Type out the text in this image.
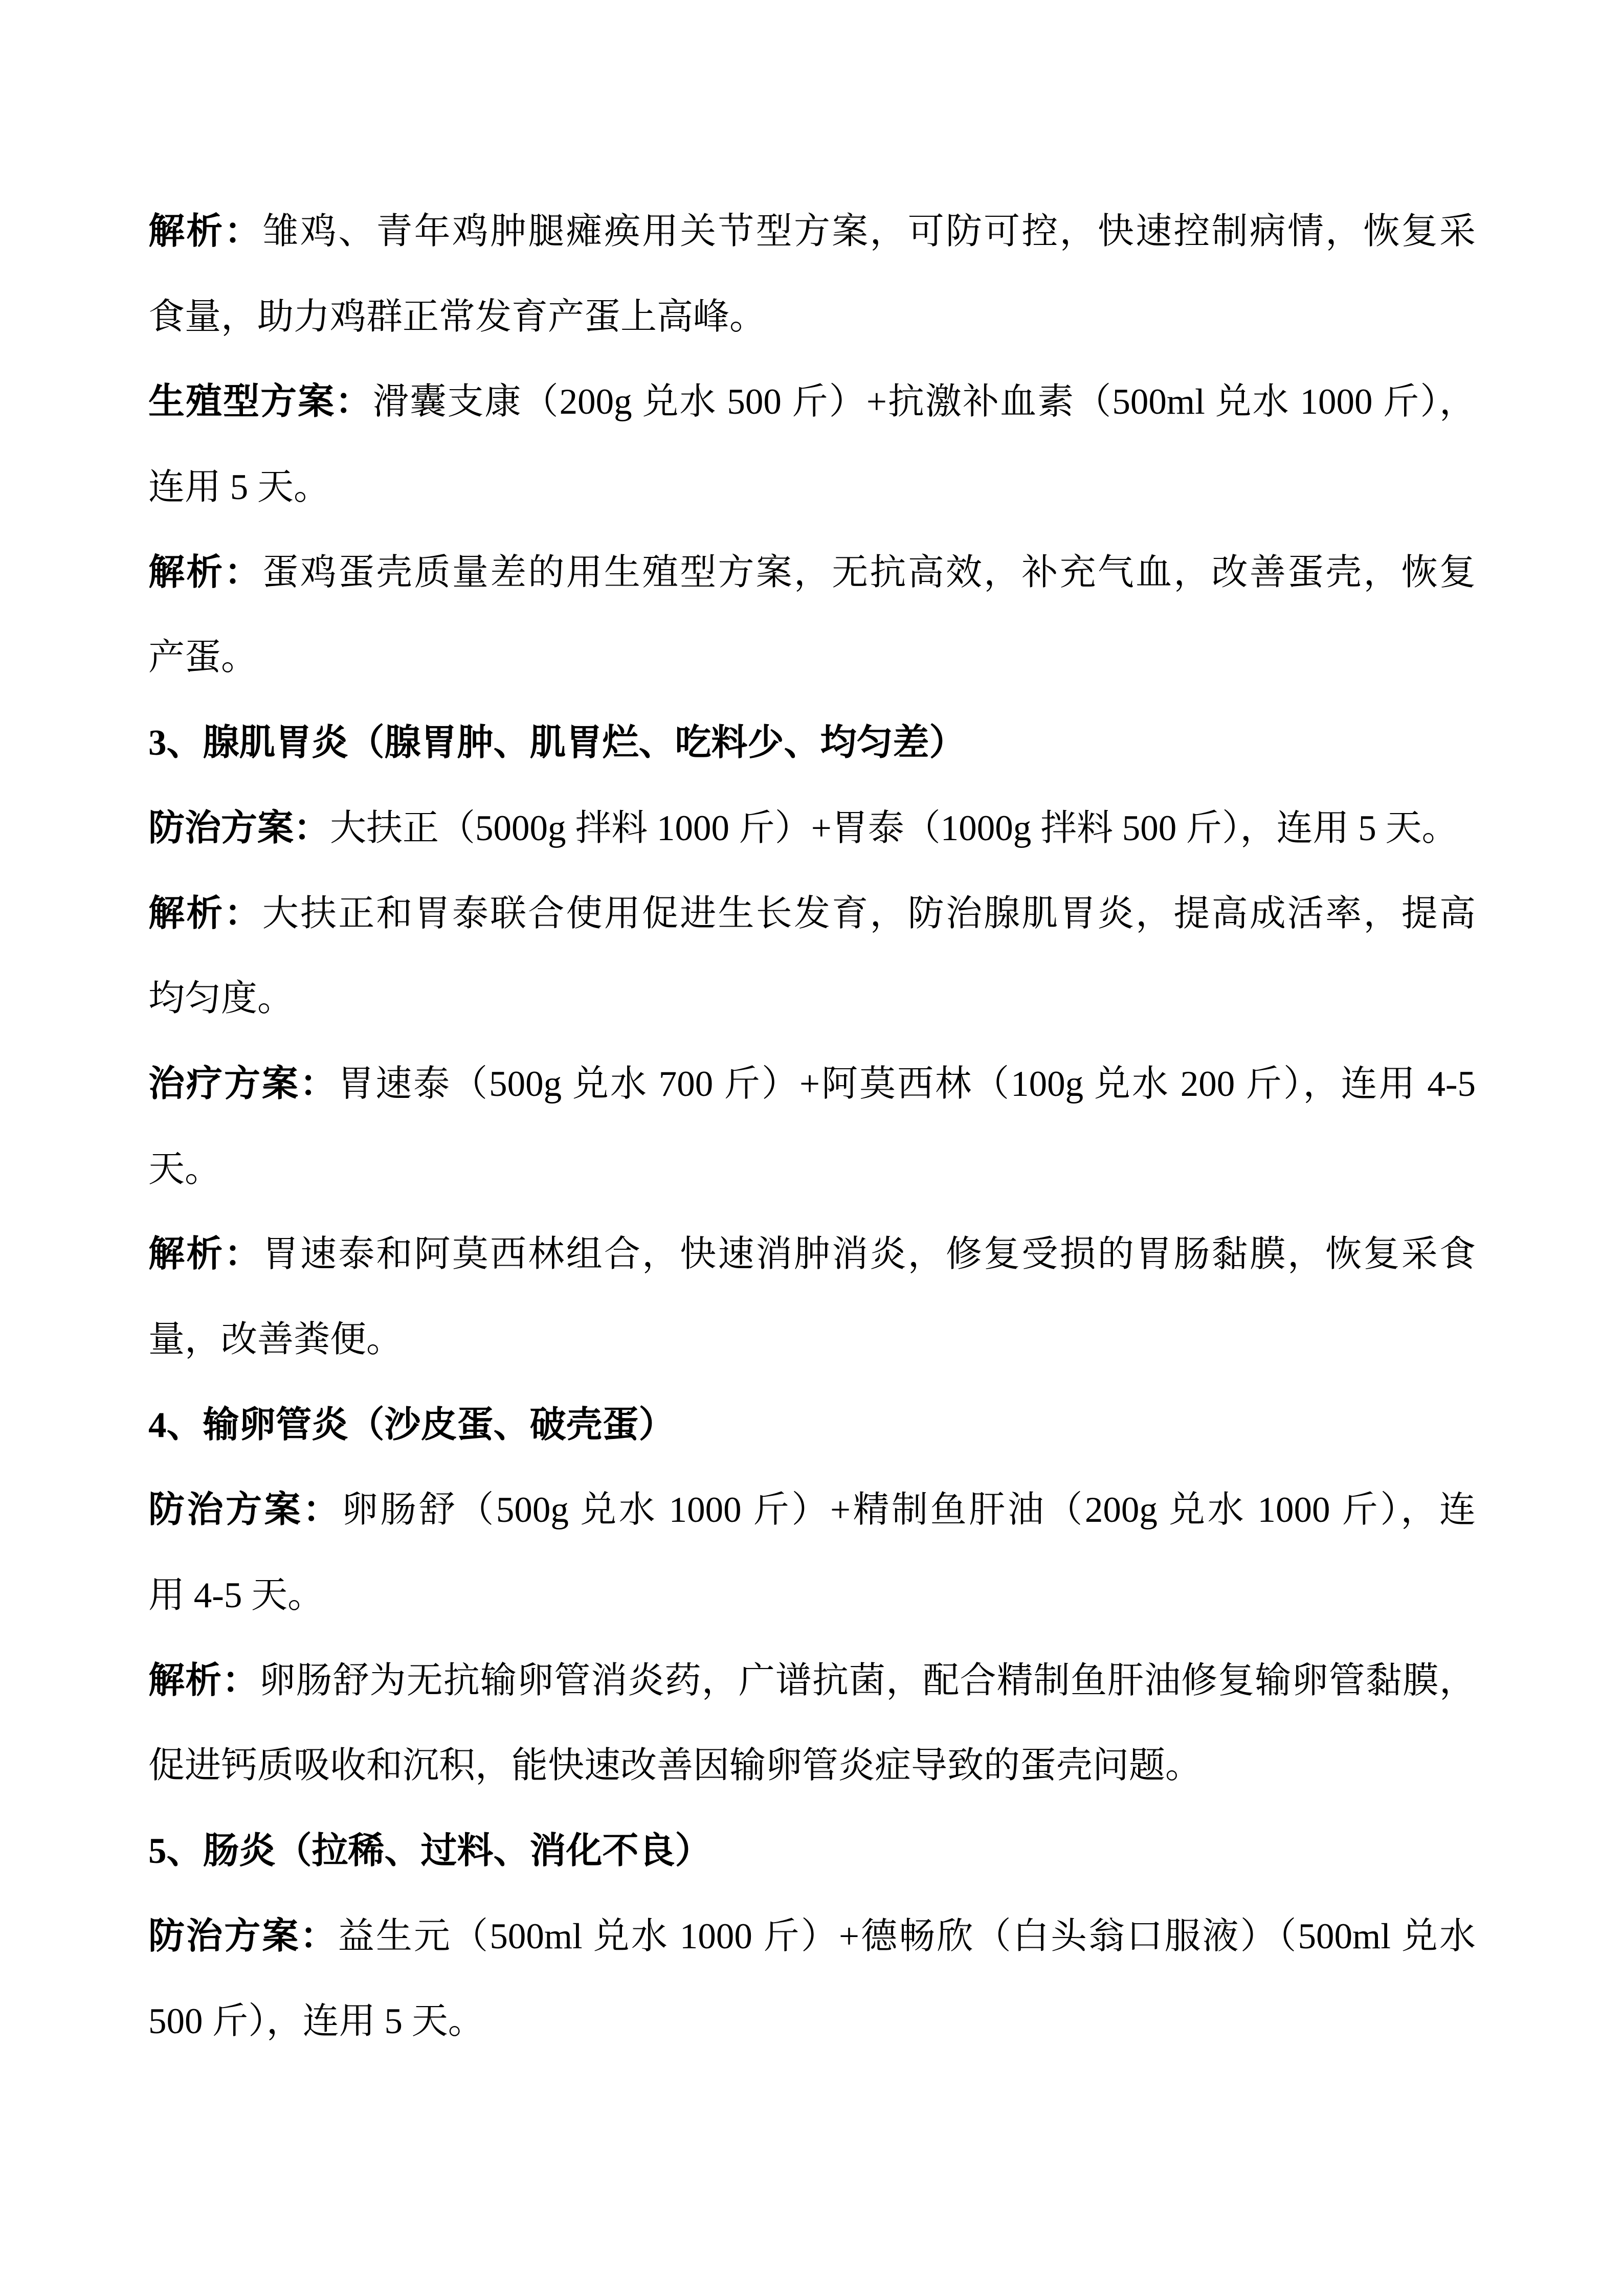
解析：雏鸡、青年鸡肿腿瘫痪用关节型方案，可防可控，快速控制病情，恢复采
食量，助力鸡群正常发育产蛋上高峰。
生殖型方案：滑囊支康（200g 兑水 500 斤）+抗激补血素（500ml 兑水 1000 斤），
连用 5 天。
解析：蛋鸡蛋壳质量差的用生殖型方案，无抗高效，补充气血，改善蛋壳，恢复
产蛋。
3、腺肌胃炎（腺胃肿、肌胃烂、吃料少、均匀差）
防治方案：大扶正（5000g 拌料 1000 斤）+胃泰（1000g 拌料 500 斤），连用 5 天。
解析：大扶正和胃泰联合使用促进生长发育，防治腺肌胃炎，提高成活率，提高
均匀度。
治疗方案：胃速泰（500g 兑水 700 斤）+阿莫西林（100g 兑水 200 斤），连用 4-5
天。
解析：胃速泰和阿莫西林组合，快速消肿消炎，修复受损的胃肠黏膜，恢复采食
量，改善粪便。
4、输卵管炎（沙皮蛋、破壳蛋）
防治方案：卵肠舒（500g 兑水 1000 斤）+精制鱼肝油（200g 兑水 1000 斤），连
用 4-5 天。
解析：卵肠舒为无抗输卵管消炎药，广谱抗菌，配合精制鱼肝油修复输卵管黏膜，
促进钙质吸收和沉积，能快速改善因输卵管炎症导致的蛋壳问题。
5、肠炎（拉稀、过料、消化不良）
防治方案：益生元（500ml 兑水 1000 斤）+德畅欣（白头翁口服液）（500ml 兑水
500 斤），连用 5 天。
